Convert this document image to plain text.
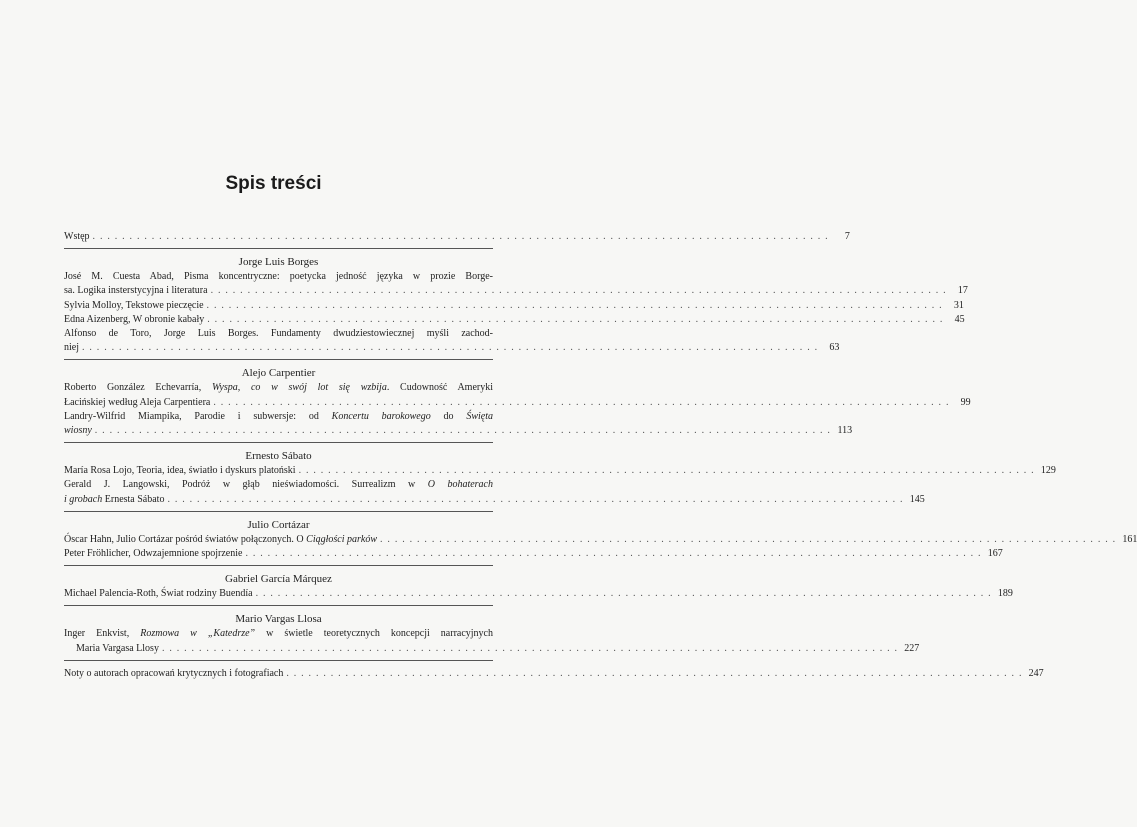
Spis treści
Wstęp . . .	7
Jorge Luis Borges
José M. Cuesta Abad, Pisma koncentryczne: poetycka jedność języka w prozie Borge-
sa. Logika insterstycyjna i literatura . . .	17
Sylvia Molloy, Tekstowe pieczęcie . . .	31
Edna Aizenberg, W obronie kabały . . .	45
Alfonso de Toro, Jorge Luis Borges. Fundamenty dwudziestowiecznej myśli zachod-
niej . . .	63
Alejo Carpentier
Roberto González Echevarría, Wyspa, co w swój lot się wzbija. Cudowność Ameryki
Łacińskiej według Aleja Carpentiera . . .	99
Landry-Wilfrid Miampika, Parodie i subwersje: od Koncertu barokowego do Święta
wiosny . . .	113
Ernesto Sábato
María Rosa Lojo, Teoria, idea, światło i dyskurs platoński . . .	129
Gerald J. Langowski, Podróż w głąb nieświadomości. Surrealizm w O bohaterach
i grobach Ernesta Sábato . . .	145
Julio Cortázar
Óscar Hahn, Julio Cortázar pośród światów połączonych. O Ciągłości parków . . .	161
Peter Fröhlicher, Odwzajemnione spojrzenie . . .	167
Gabriel García Márquez
Michael Palencia-Roth, Świat rodziny Buendía . . .	189
Mario Vargas Llosa
Inger Enkvist, Rozmowa w „Katedrze” w świetle teoretycznych koncepcji narracyjnych
Maria Vargasa Llosy . . .	227
Noty o autorach opracowań krytycznych i fotografiach . . .	247
